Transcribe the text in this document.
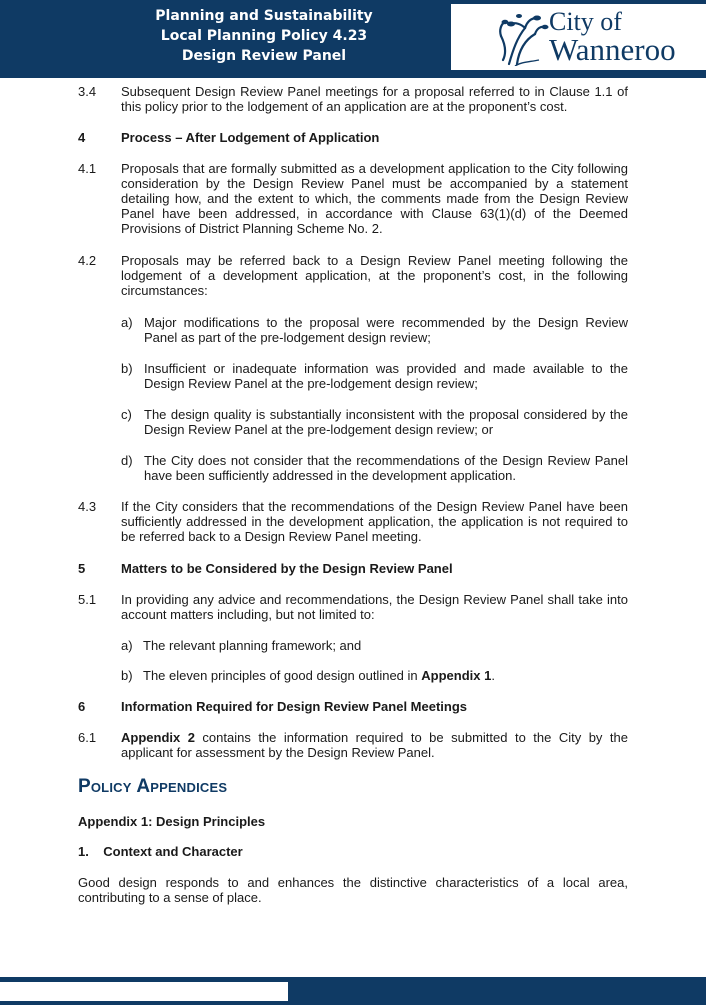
Planning and Sustainability
Local Planning Policy 4.23
Design Review Panel
City of
Wanneroo
3.4 Subsequent Design Review Panel meetings for a proposal referred to in Clause 1.1 of this policy prior to the lodgement of an application are at the proponent’s cost.
4	Process – After Lodgement of Application
4.1 Proposals that are formally submitted as a development application to the City following consideration by the Design Review Panel must be accompanied by a statement detailing how, and the extent to which, the comments made from the Design Review Panel have been addressed, in accordance with Clause 63(1)(d) of the Deemed Provisions of District Planning Scheme No. 2.
4.2 Proposals may be referred back to a Design Review Panel meeting following the lodgement of a development application, at the proponent’s cost, in the following circumstances:
a) Major modifications to the proposal were recommended by the Design Review Panel as part of the pre-lodgement design review;
b) Insufficient or inadequate information was provided and made available to the Design Review Panel at the pre-lodgement design review;
c) The design quality is substantially inconsistent with the proposal considered by the Design Review Panel at the pre-lodgement design review; or
d) The City does not consider that the recommendations of the Design Review Panel have been sufficiently addressed in the development application.
4.3 If the City considers that the recommendations of the Design Review Panel have been sufficiently addressed in the development application, the application is not required to be referred back to a Design Review Panel meeting.
5	Matters to be Considered by the Design Review Panel
5.1 In providing any advice and recommendations, the Design Review Panel shall take into account matters including, but not limited to:
a) The relevant planning framework; and
b) The eleven principles of good design outlined in Appendix 1.
6	Information Required for Design Review Panel Meetings
6.1 Appendix 2 contains the information required to be submitted to the City by the applicant for assessment by the Design Review Panel.
Policy Appendices
Appendix 1: Design Principles
1.    Context and Character
Good design responds to and enhances the distinctive characteristics of a local area, contributing to a sense of place.
